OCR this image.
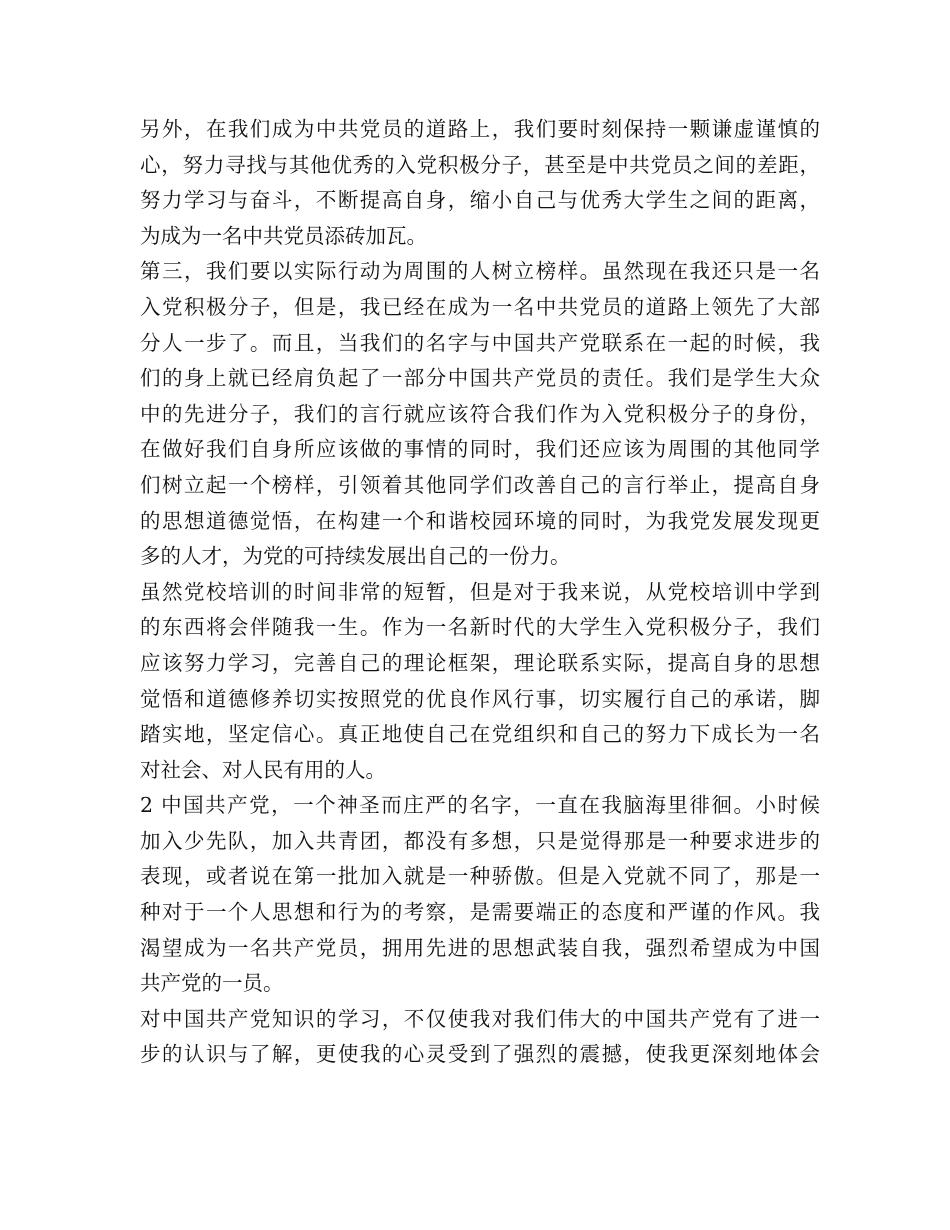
另外，在我们成为中共党员的道路上，我们要时刻保持一颗谦虚谨慎的
心，努力寻找与其他优秀的入党积极分子，甚至是中共党员之间的差距，
努力学习与奋斗，不断提高自身，缩小自己与优秀大学生之间的距离，
为成为一名中共党员添砖加瓦。
第三，我们要以实际行动为周围的人树立榜样。虽然现在我还只是一名
入党积极分子，但是，我已经在成为一名中共党员的道路上领先了大部
分人一步了。而且，当我们的名字与中国共产党联系在一起的时候，我
们的身上就已经肩负起了一部分中国共产党员的责任。我们是学生大众
中的先进分子，我们的言行就应该符合我们作为入党积极分子的身份，
在做好我们自身所应该做的事情的同时，我们还应该为周围的其他同学
们树立起一个榜样，引领着其他同学们改善自己的言行举止，提高自身
的思想道德觉悟，在构建一个和谐校园环境的同时，为我党发展发现更
多的人才，为党的可持续发展出自己的一份力。
虽然党校培训的时间非常的短暂，但是对于我来说，从党校培训中学到
的东西将会伴随我一生。作为一名新时代的大学生入党积极分子，我们
应该努力学习，完善自己的理论框架，理论联系实际，提高自身的思想
觉悟和道德修养切实按照党的优良作风行事，切实履行自己的承诺，脚
踏实地，坚定信心。真正地使自己在党组织和自己的努力下成长为一名
对社会、对人民有用的人。
2 中国共产党，一个神圣而庄严的名字，一直在我脑海里徘徊。小时候
加入少先队，加入共青团，都没有多想，只是觉得那是一种要求进步的
表现，或者说在第一批加入就是一种骄傲。但是入党就不同了，那是一
种对于一个人思想和行为的考察，是需要端正的态度和严谨的作风。我
渴望成为一名共产党员，拥用先进的思想武装自我，强烈希望成为中国
共产党的一员。
对中国共产党知识的学习，不仅使我对我们伟大的中国共产党有了进一
步的认识与了解，更使我的心灵受到了强烈的震撼，使我更深刻地体会
